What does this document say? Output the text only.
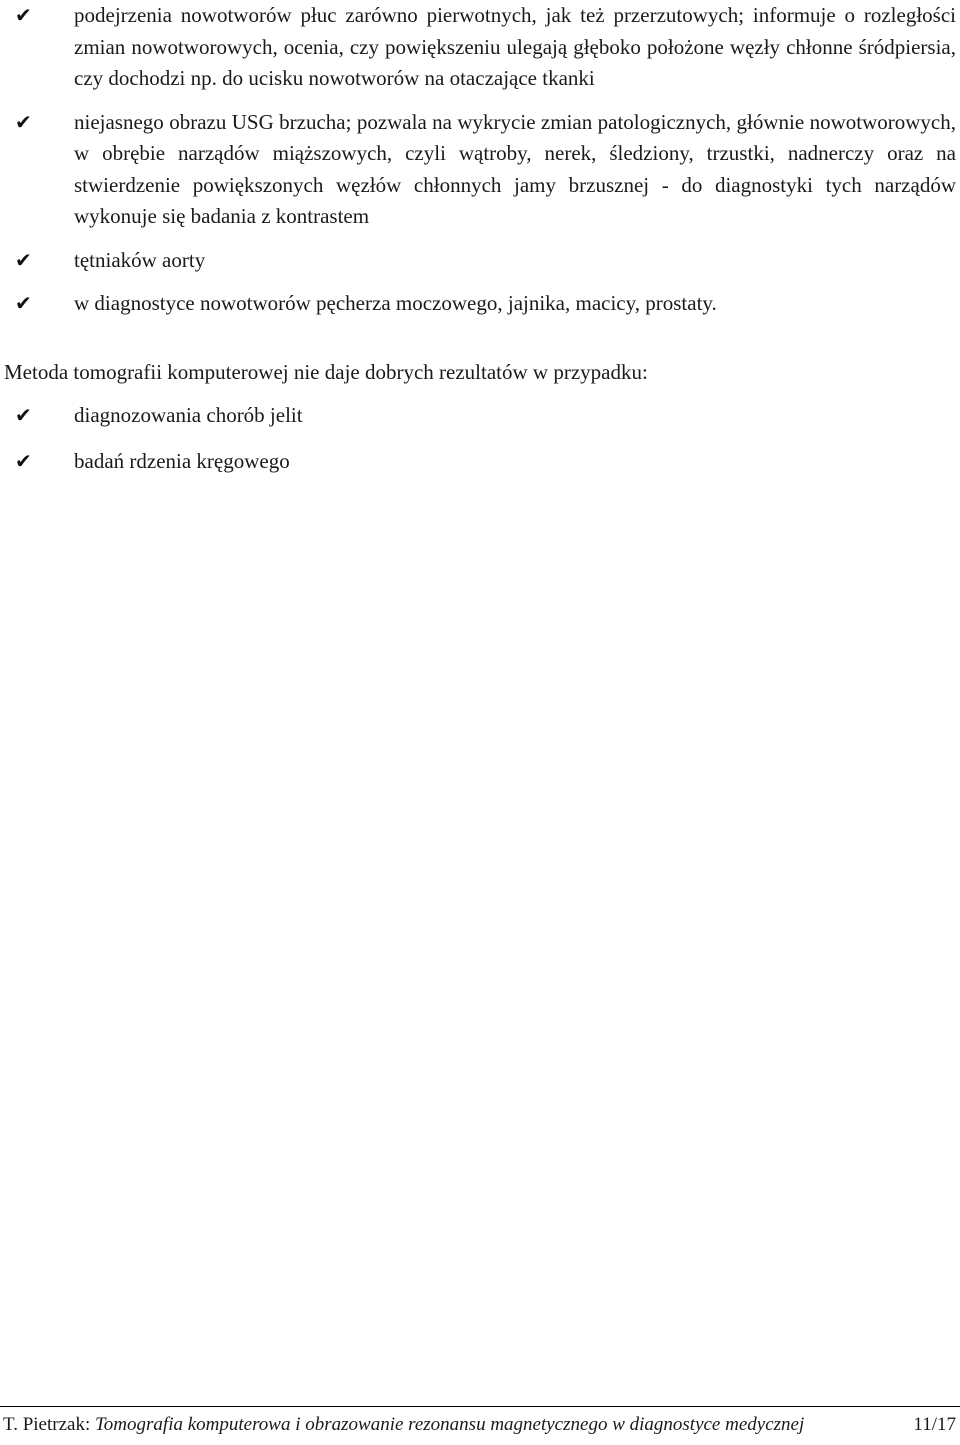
✔ podejrzenia nowotworów płuc zarówno pierwotnych, jak też przerzutowych; informuje o rozległości zmian nowotworowych, ocenia, czy powiększeniu ulegają głęboko położone węzły chłonne śródpiersia, czy dochodzi np. do ucisku nowotworów na otaczające tkanki
✔ niejasnego obrazu USG brzucha; pozwala na wykrycie zmian patologicznych, głównie nowotworowych, w obrębie narządów miąższowych, czyli wątroby, nerek, śledziony, trzustki, nadnerczy oraz na stwierdzenie powiększonych węzłów chłonnych jamy brzusznej - do diagnostyki tych narządów wykonuje się badania z kontrastem
✔ tętniaków aorty
✔ w diagnostyce nowotworów pęcherza moczowego, jajnika, macicy, prostaty.

Metoda tomografii komputerowej nie daje dobrych rezultatów w przypadku:

✔ diagnozowania chorób jelit
✔ badań rdzenia kręgowego
T. Pietrzak: Tomografia komputerowa i obrazowanie rezonansu magnetycznego w diagnostyce medycznej	11/17
